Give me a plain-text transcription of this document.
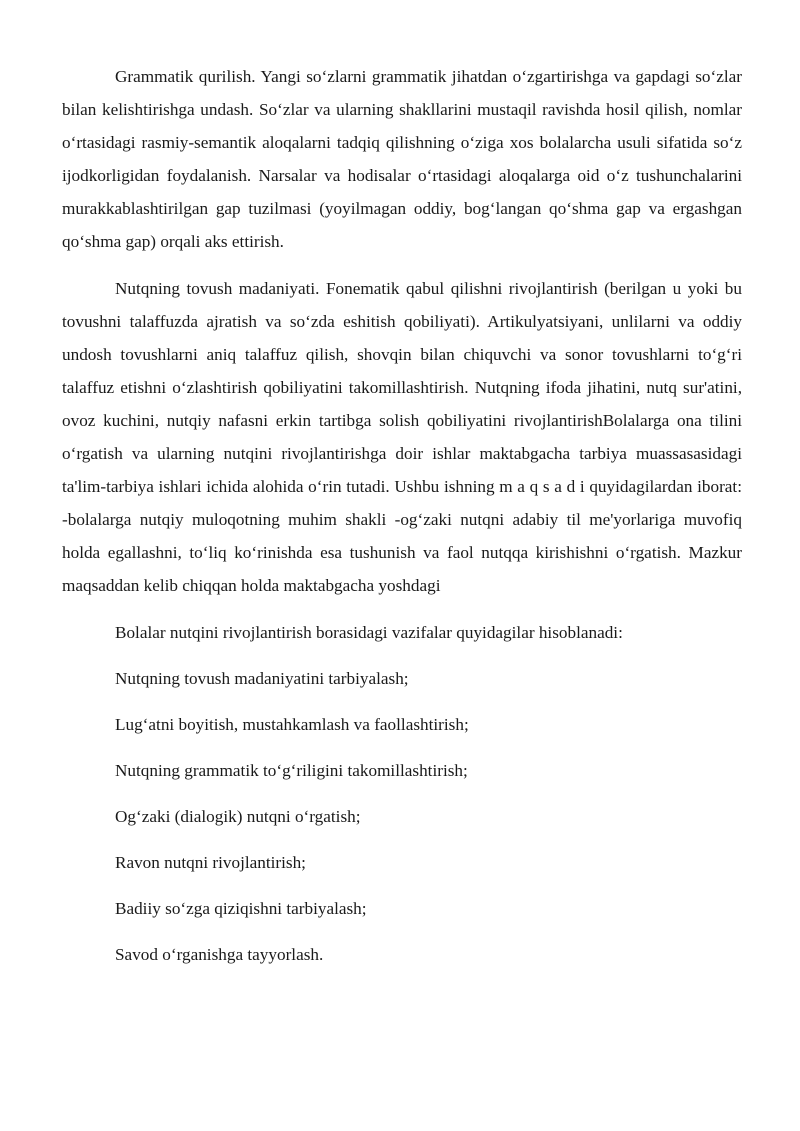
Grammatik qurilish. Yangi so‘zlarni grammatik jihatdan o‘zgartirishga va gapdagi so‘zlar bilan kelishtirishga undash. So‘zlar va ularning shakllarini mustaqil ravishda hosil qilish, nomlar o‘rtasidagi rasmiy-semantik aloqalarni tadqiq qilishning o‘ziga xos bolalarcha usuli sifatida so‘z ijodkorligidan foydalanish. Narsalar va hodisalar o‘rtasidagi aloqalarga oid o‘z tushunchalarini murakkablashtirilgan gap tuzilmasi (yoyilmagan oddiy, bog‘langan qo‘shma gap va ergashgan qo‘shma gap) orqali aks ettirish.

Nutqning tovush madaniyati. Fonematik qabul qilishni rivojlantirish (berilgan u yoki bu tovushni talaffuzda ajratish va so‘zda eshitish qobiliyati). Artikulyatsiyani, unlilarni va oddiy undosh tovushlarni aniq talaffuz qilish, shovqin bilan chiquvchi va sonor tovushlarni to‘g‘ri talaffuz etishni o‘zlashtirish qobiliyatini takomillashtirish. Nutqning ifoda jihatini, nutq sur'atini, ovoz kuchini, nutqiy nafasni erkin tartibga solish qobiliyatini rivojlantirishBolalarga ona tilini o‘rgatish va ularning nutqini rivojlantirishga doir ishlar maktabgacha tarbiya muassasasidagi ta'lim-tarbiya ishlari ichida alohida o‘rin tutadi. Ushbu ishning m a q s a d i quyidagilardan iborat: -bolalarga nutqiy muloqotning muhim shakli -og‘zaki nutqni adabiy til me'yorlariga muvofiq holda egallashni, to‘liq ko‘rinishda esa tushunish va faol nutqqa kirishishni o‘rgatish. Mazkur maqsaddan kelib chiqqan holda maktabgacha yoshdagi

Bolalar nutqini rivojlantirish borasidagi vazifalar quyidagilar hisoblanadi:

Nutqning tovush madaniyatini tarbiyalash;

Lug‘atni boyitish, mustahkamlash va faollashtirish;

Nutqning grammatik to‘g‘riligini takomillashtirish;

Og‘zaki (dialogik) nutqni o‘rgatish;

Ravon nutqni rivojlantirish;

Badiiy so‘zga qiziqishni tarbiyalash;

Savod o‘rganishga tayyorlash.
